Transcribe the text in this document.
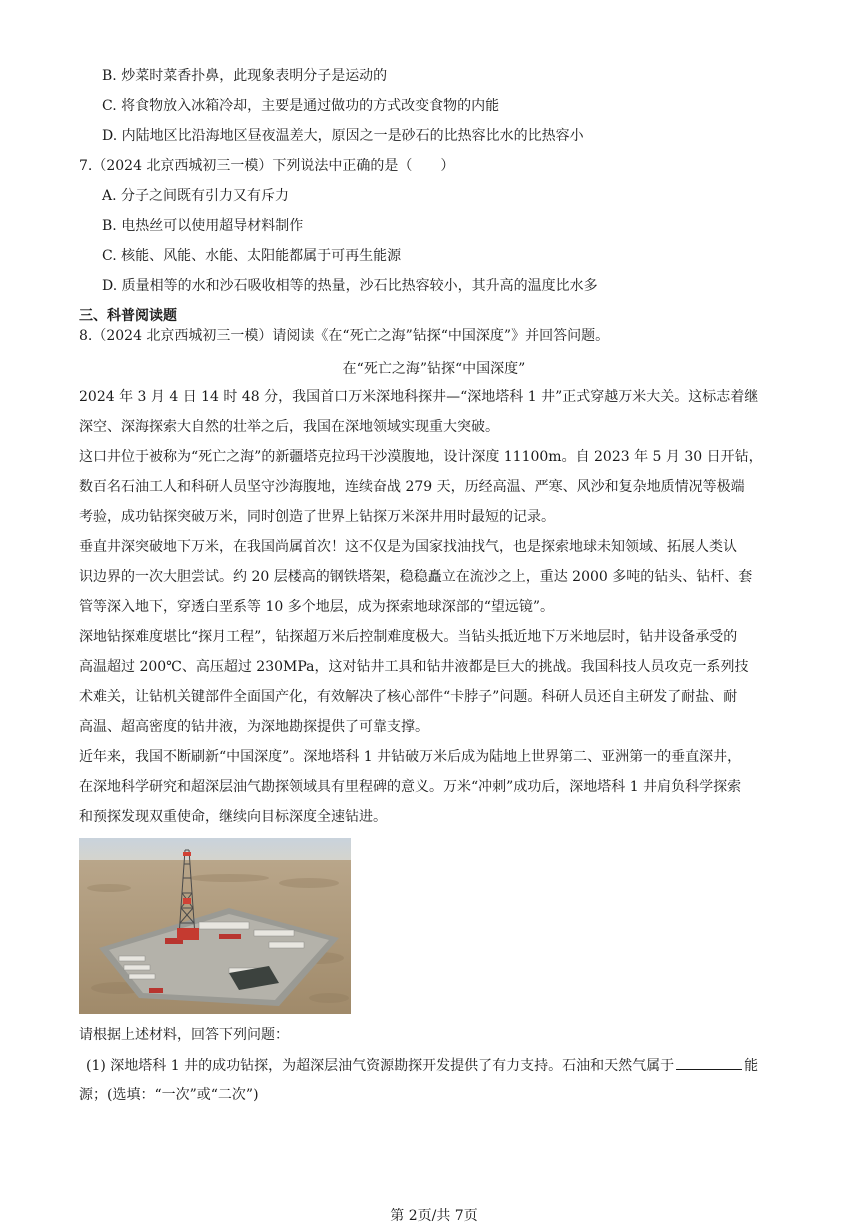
B. 炒菜时菜香扑鼻，此现象表明分子是运动的
C. 将食物放入冰箱冷却，主要是通过做功的方式改变食物的内能
D. 内陆地区比沿海地区昼夜温差大，原因之一是砂石的比热容比水的比热容小
7.（2024 北京西城初三一模）下列说法中正确的是（　　）
A. 分子之间既有引力又有斥力
B. 电热丝可以使用超导材料制作
C. 核能、风能、水能、太阳能都属于可再生能源
D. 质量相等的水和沙石吸收相等的热量，沙石比热容较小，其升高的温度比水多
三、科普阅读题
8.（2024 北京西城初三一模）请阅读《在“死亡之海”钻探“中国深度”》并回答问题。
在“死亡之海”钻探“中国深度”
2024 年 3 月 4 日 14 时 48 分，我国首口万米深地科探井—“深地塔科 1 井”正式穿越万米大关。这标志着继
深空、深海探索大自然的壮举之后，我国在深地领域实现重大突破。
这口井位于被称为“死亡之海”的新疆塔克拉玛干沙漠腹地，设计深度 11100m。自 2023 年 5 月 30 日开钻，
数百名石油工人和科研人员坚守沙海腹地，连续奋战 279 天，历经高温、严寒、风沙和复杂地质情况等极端
考验，成功钻探突破万米，同时创造了世界上钻探万米深井用时最短的记录。
垂直井深突破地下万米，在我国尚属首次！这不仅是为国家找油找气，也是探索地球未知领域、拓展人类认
识边界的一次大胆尝试。约 20 层楼高的钢铁塔架，稳稳矗立在流沙之上，重达 2000 多吨的钻头、钻杆、套
管等深入地下，穿透白垩系等 10 多个地层，成为探索地球深部的“望远镜”。
深地钻探难度堪比“探月工程”，钻探超万米后控制难度极大。当钻头抵近地下万米地层时，钻井设备承受的
高温超过 200℃、高压超过 230MPa，这对钻井工具和钻井液都是巨大的挑战。我国科技人员攻克一系列技
术难关，让钻机关键部件全面国产化，有效解决了核心部件“卡脖子”问题。科研人员还自主研发了耐盐、耐
高温、超高密度的钻井液，为深地勘探提供了可靠支撑。
近年来，我国不断刷新“中国深度”。深地塔科 1 井钻破万米后成为陆地上世界第二、亚洲第一的垂直深井，
在深地科学研究和超深层油气勘探领域具有里程碑的意义。万米“冲刺”成功后，深地塔科 1 井肩负科学探索
和预探发现双重使命，继续向目标深度全速钻进。
请根据上述材料，回答下列问题：
(1) 深地塔科 1 井的成功钻探，为超深层油气资源勘探开发提供了有力支持。石油和天然气属于	能
源；(选填：“一次”或“二次”)
第 2页/共 7页
